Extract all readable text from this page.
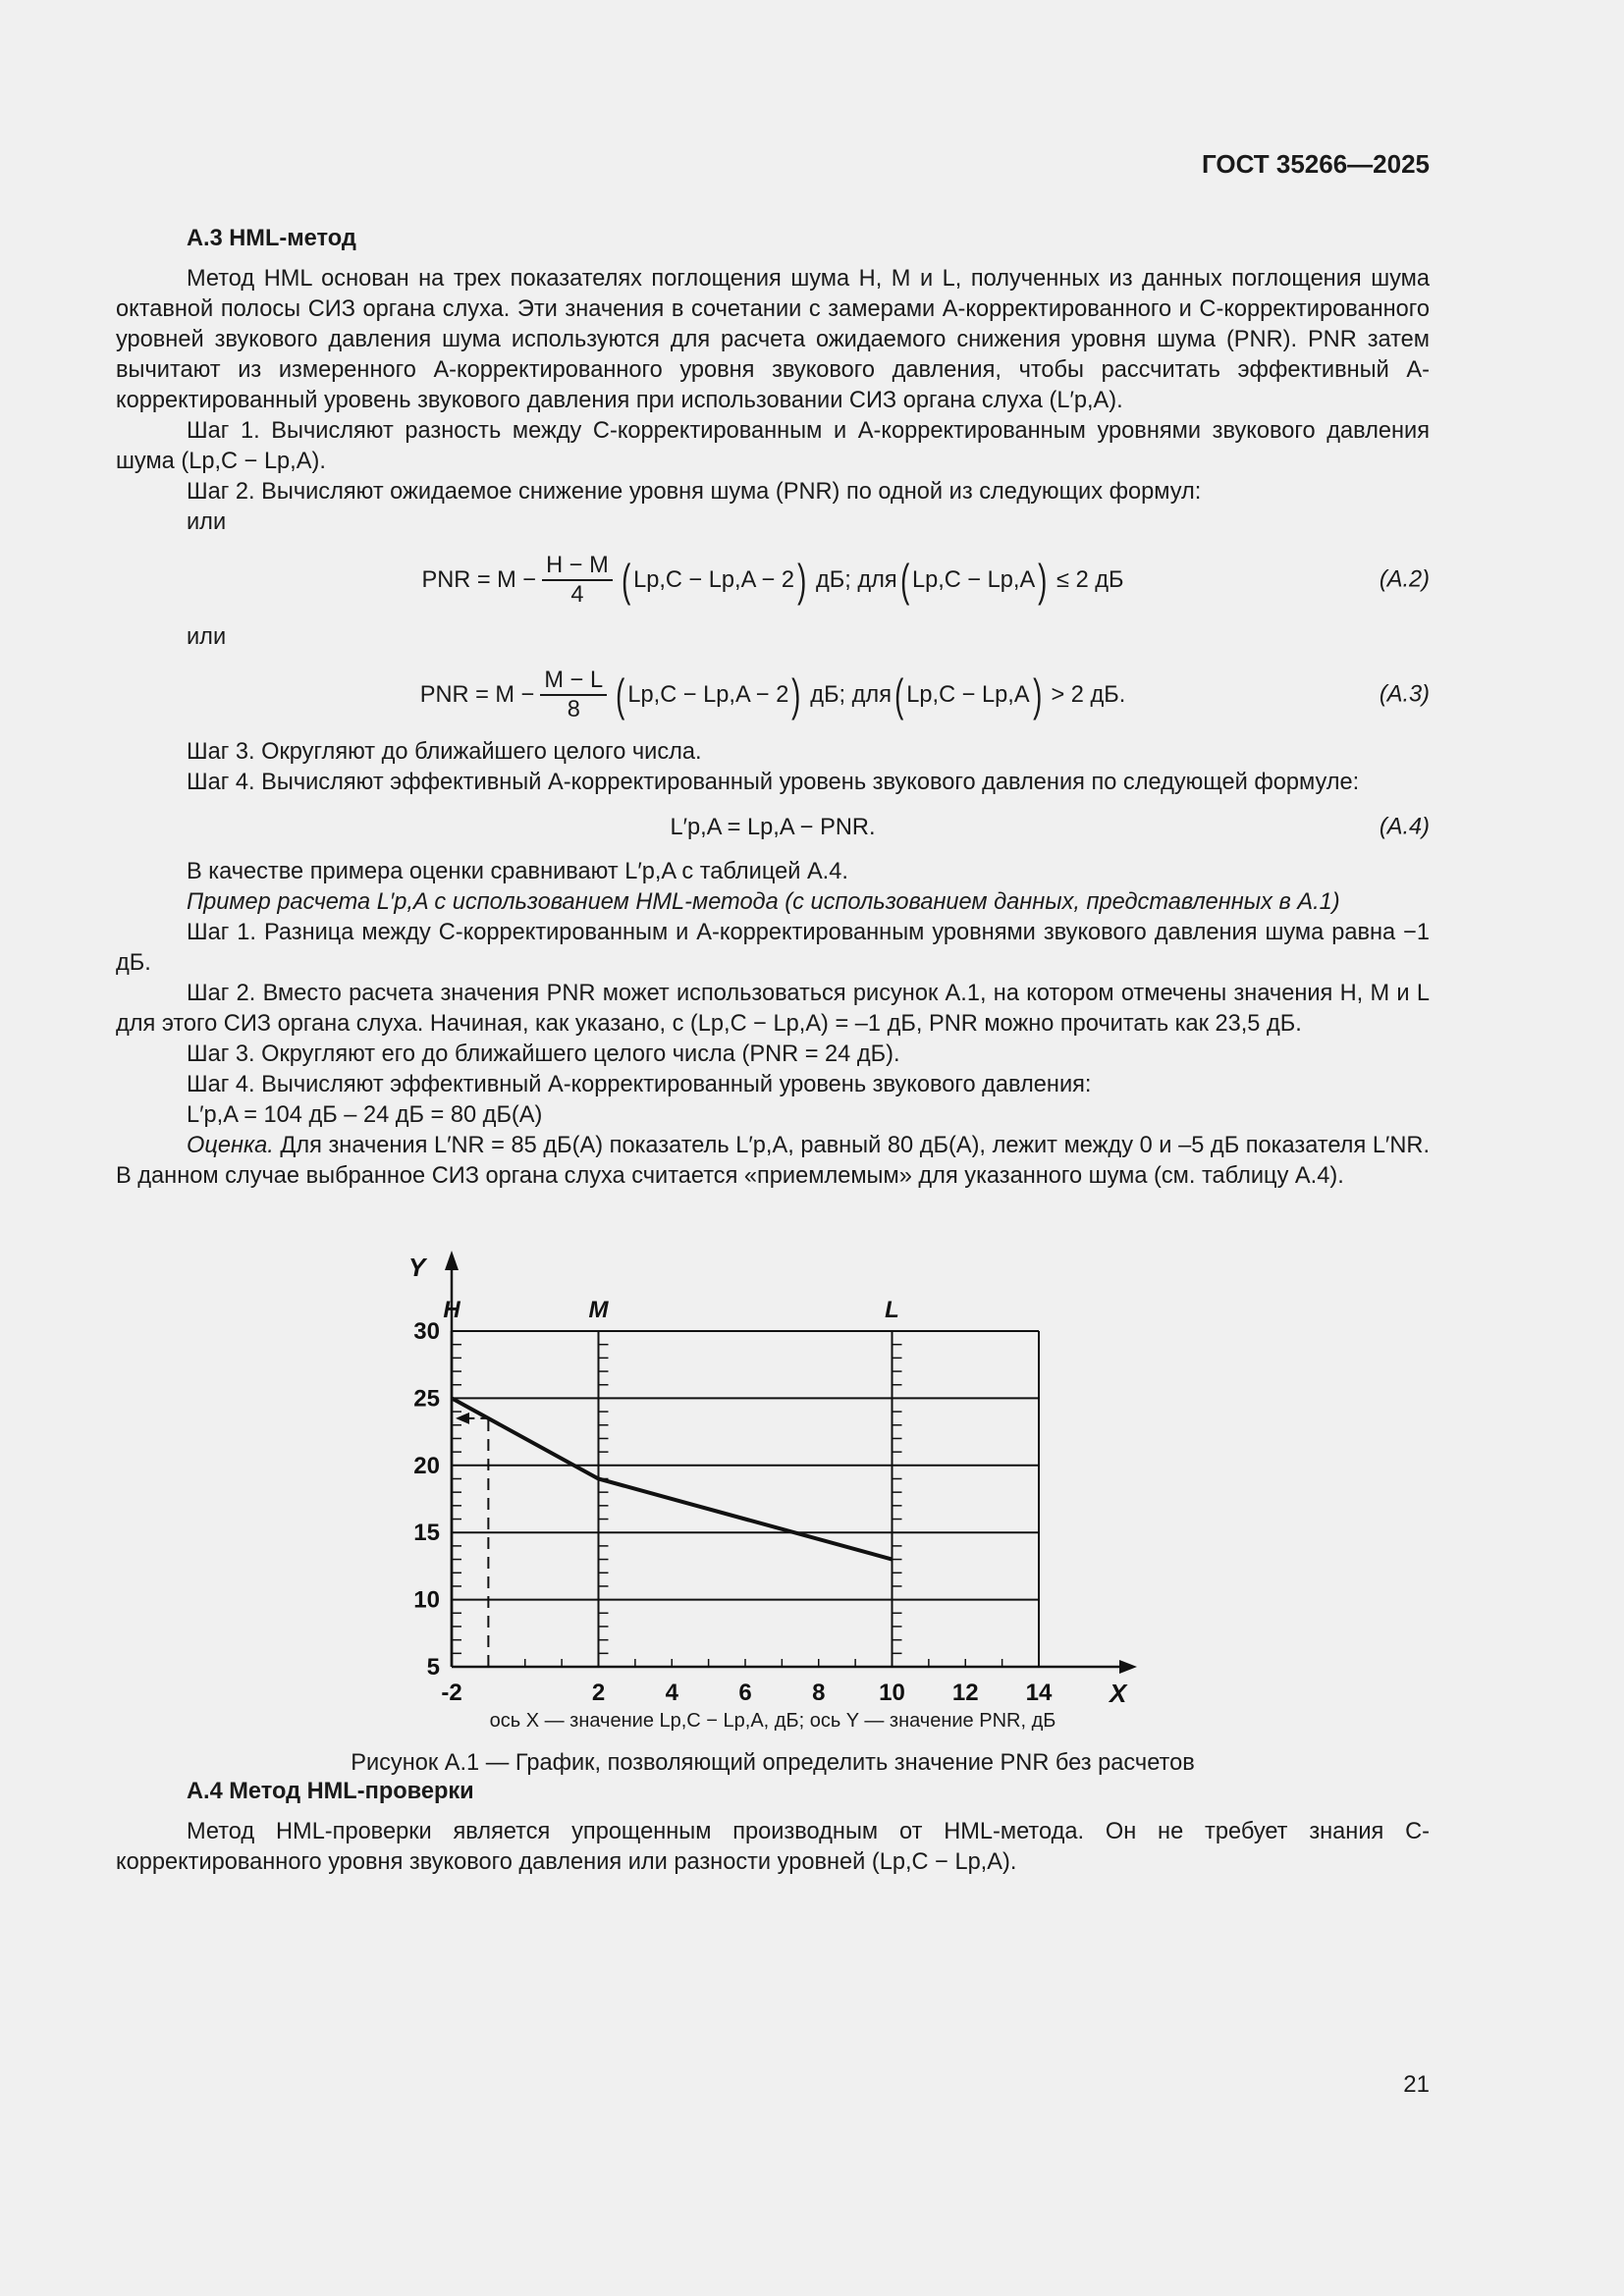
ГОСТ 35266—2025
А.3 HML-метод

Метод HML основан на трех показателях поглощения шума H, M и L, полученных из данных поглощения шума октавной полосы СИЗ органа слуха. Эти значения в сочетании с замерами А-корректированного и С-корректированного уровней звукового давления шума используются для расчета ожидаемого снижения уровня шума (PNR). PNR затем вычитают из измеренного А-корректированного уровня звукового давления, чтобы рассчитать эффективный А-корректированный уровень звукового давления при использовании СИЗ органа слуха (L′p,A).

Шаг 1. Вычисляют разность между С-корректированным и А-корректированным уровнями звукового давления шума (Lp,C − Lp,A).

Шаг 2. Вычисляют ожидаемое снижение уровня шума (PNR) по одной из следующих формул:

или
PNR = $M - \frac{H - M}{4}$ ( Lp,C − Lp,A − 2 )
дБ; для ( Lp,C − Lp,A )
≤ 2 дБ	(A.2)
или
PNR = $M - \frac{M - L}{8}$ ( Lp,C − Lp,A − 2 )
дБ; для ( Lp,C − Lp,A )
> 2 дБ.	(A.3)

Шаг 3. Округляют до ближайшего целого числа.

Шаг 4. Вычисляют эффективный А-корректированный уровень звукового давления по следующей формуле:

L′p,A = Lp,A − PNR.	(A.4)

В качестве примера оценки сравнивают L′p,A с таблицей А.4.

Пример расчета L′p,A с использованием HML-метода (с использованием данных, представленных в А.1)

Шаг 1. Разница между С-корректированным и А-корректированным уровнями звукового давления шума равна −1 дБ.

Шаг 2. Вместо расчета значения PNR может использоваться рисунок А.1, на котором отмечены значения H, M и L для этого СИЗ органа слуха. Начиная, как указано, с (Lp,C − Lp,A) = –1 дБ, PNR можно прочитать как 23,5 дБ.

Шаг 3. Округляют его до ближайшего целого числа (PNR = 24 дБ).

Шаг 4. Вычисляют эффективный А-корректированный уровень звукового давления:

L′p,A = 104 дБ – 24 дБ = 80 дБ(А)

Оценка. Для значения L′NR = 85 дБ(А) показатель L′p,A, равный 80 дБ(А), лежит между 0 и –5 дБ показателя L′NR. В данном случае выбранное СИЗ органа слуха считается «приемлемым» для указанного шума (см. таблицу А.4).

-2	2	4	6	8 10 12 14
5
10
15
20
25
30
H	M	L
X
Y
ось X — значение Lp,C − Lp,A, дБ; ось Y — значение PNR, дБ
Рисунок А.1 — График, позволяющий определить значение PNR без расчетов
А.4 Метод HML-проверки

Метод HML-проверки является упрощенным производным от HML-метода. Он не требует знания С-корректированного уровня звукового давления или разности уровней (Lp,C − Lp,A).

21
